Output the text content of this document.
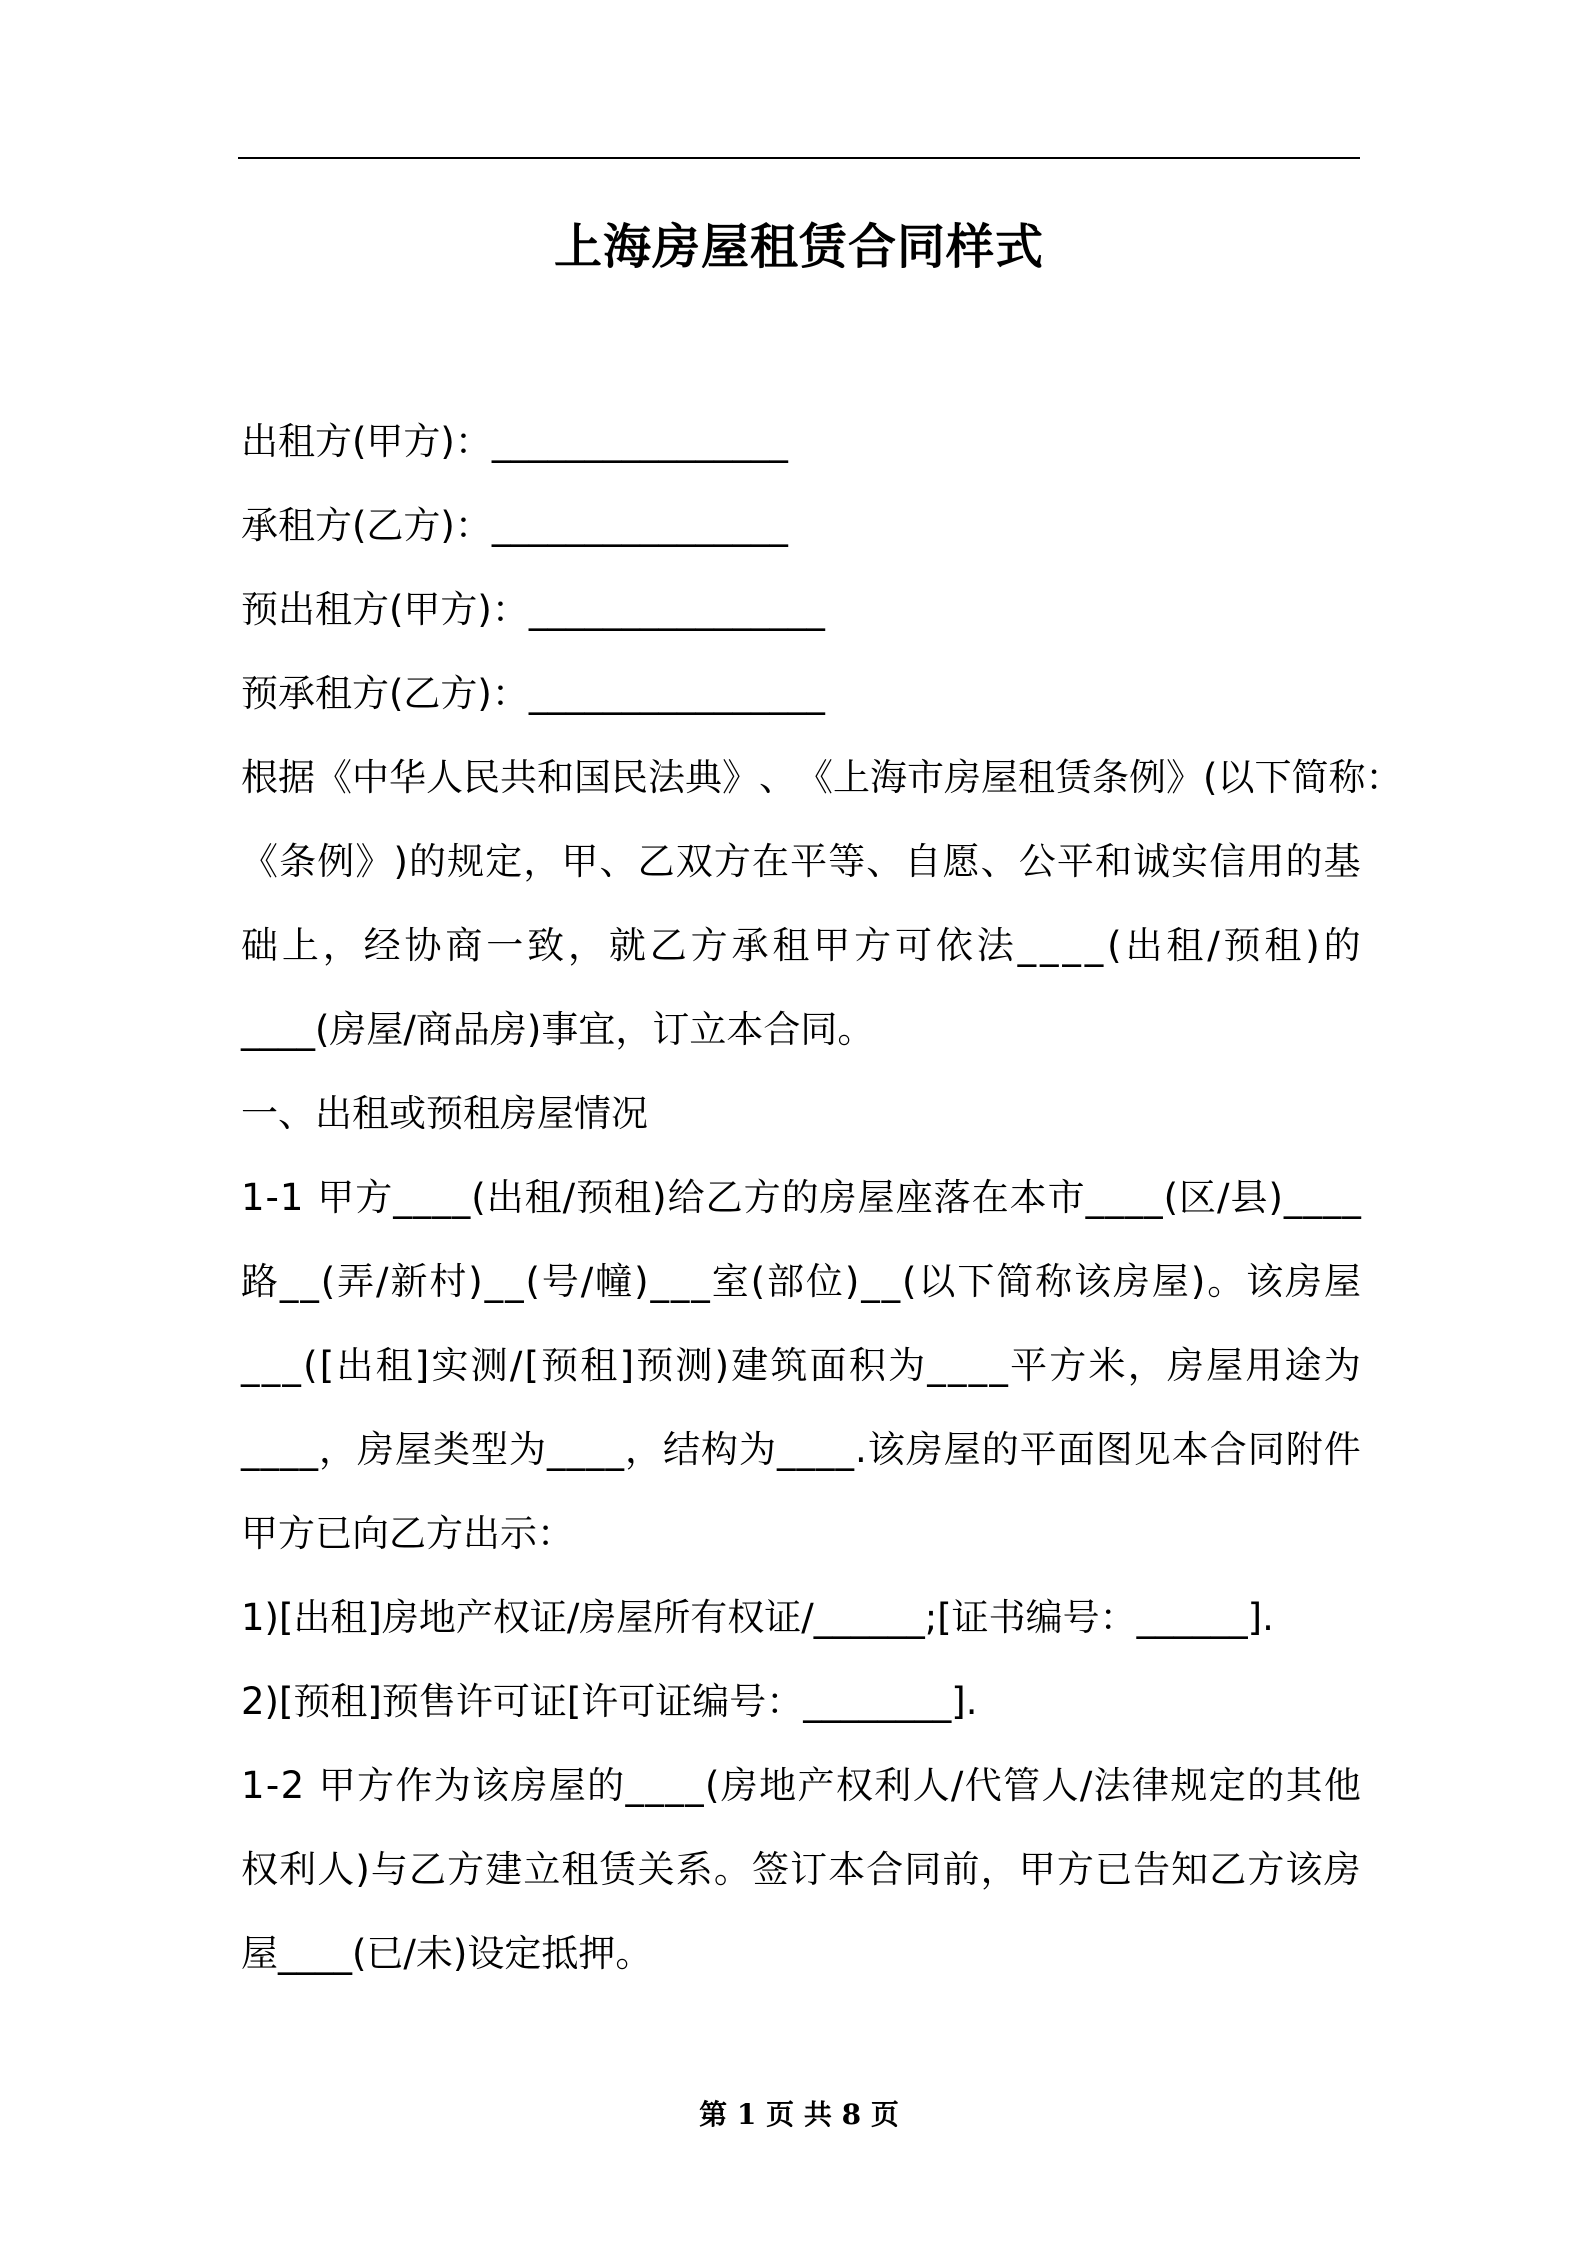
上海房屋租赁合同样式
出租方(甲方)：________________
承租方(乙方)：________________
预出租方(甲方)：________________
预承租方(乙方)：________________
根 据 《 中 华 人 民 共 和 国 民 法 典 》 、 《 上 海 市 房 屋 租 赁 条 例 》 ( 以 下 简 称 ：
《 条 例 》 ) 的 规 定 ， 甲 、 乙 双 方 在 平 等 、 自 愿 、 公 平 和 诚 实 信 用 的 基
础 上 ， 经 协 商 一 致 ， 就 乙 方 承 租 甲 方 可 依 法 _ _ _ _ ( 出 租 / 预 租 ) 的
____(房屋/商品房)事宜，订立本合同。
一、出租或预租房屋情况
1 - 1
甲 方 _ _ _ _ ( 出 租 / 预 租 ) 给 乙 方 的 房 屋 座 落 在 本 市 _ _ _ _ ( 区 / 县 ) _ _ _ _
路 _ _ ( 弄 / 新 村 ) _ _ ( 号 / 幢 ) _ _ _ 室 ( 部 位 ) _ _ ( 以 下 简 称 该 房 屋 ) 。 该 房 屋
_ _ _ ( [ 出 租 ] 实 测 / [ 预 租 ] 预 测 ) 建 筑 面 积 为 _ _ _ _ 平 方 米 ， 房 屋 用 途 为
_ _ _ _ ， 房 屋 类 型 为 _ _ _ _ ， 结 构 为 _ _ _ _ . 该 房 屋 的 平 面 图 见 本 合 同 附 件
甲方已向乙方出示：
1)[出租]房地产权证/房屋所有权证/______;[证书编号：______].
2)[预租]预售许可证[许可证编号：________].
1 - 2
甲 方 作 为 该 房 屋 的 _ _ _ _ ( 房 地 产 权 利 人 / 代 管 人 / 法 律 规 定 的 其 他
权 利 人 ) 与 乙 方 建 立 租 赁 关 系 。 签 订 本 合 同 前 ， 甲 方 已 告 知 乙 方 该 房
屋____(已/未)设定抵押。
第 1 页 共 8 页
